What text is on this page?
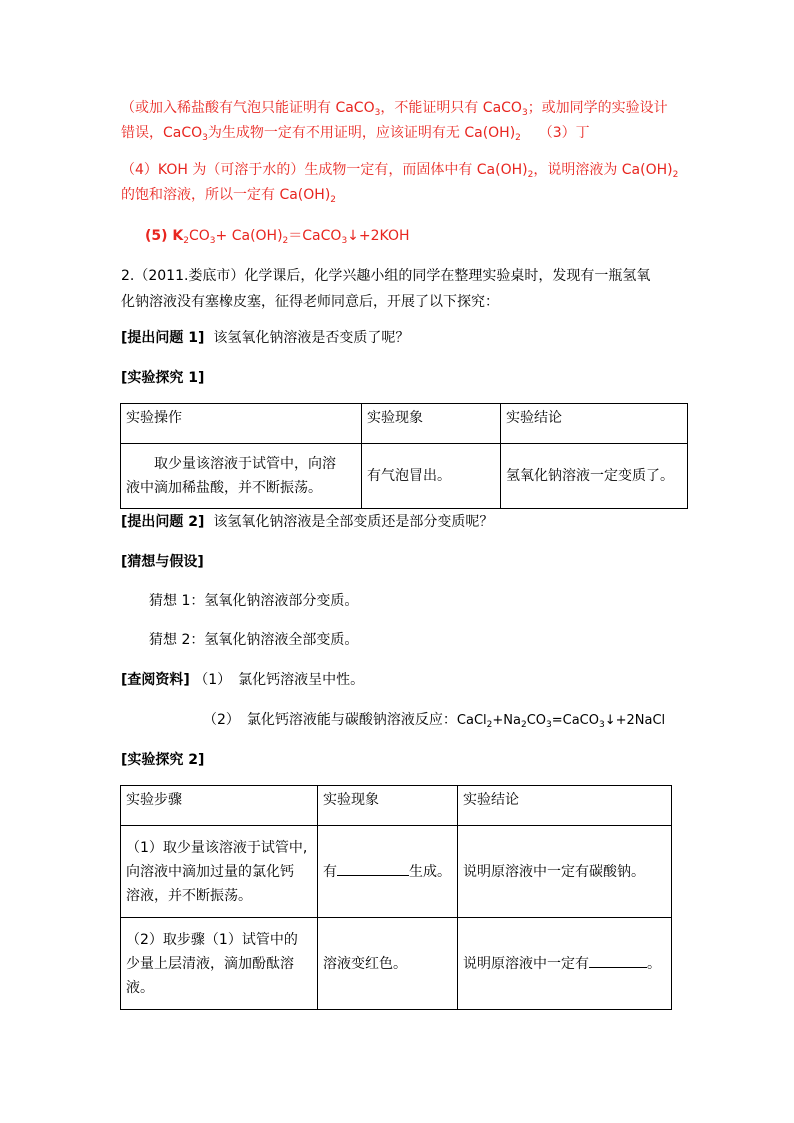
（或加入稀盐酸有气泡只能证明有 CaCO$_3$，不能证明只有 CaCO$_3$；或加同学的实验设计
错误，CaCO$_3$为生成物一定有不用证明，应该证明有无 $Ca(OH)_2$ （3）丁
（4）KOH 为（可溶于水的）生成物一定有，而固体中有 $Ca(OH)_2$，说明溶液为 $Ca(OH)_2$
的饱和溶液，所以一定有 $Ca(OH)_2$
(5) $K_2CO_3+$ $Ca(OH)_2=CaCO_3↓+2KOH$
2.（2011.娄底市）化学课后，化学兴趣小组的同学在整理实验桌时，发现有一瓶氢氧
化钠溶液没有塞橡皮塞，征得老师同意后，开展了以下探究：
[提出问题 1] 该氢氧化钠溶液是否变质了呢？
[实验探究 1]
实验操作	实验现象	实验结论

　　取少量该溶液于试管中，向溶
液中滴加稀盐酸，并不断振荡。	有气泡冒出。	氢氧化钠溶液一定变质了。
[提出问题 2] 该氢氧化钠溶液是全部变质还是部分变质呢？
[猜想与假设]
猜想 1：氢氧化钠溶液部分变质。
猜想 2：氢氧化钠溶液全部变质。
[查阅资料] （1）　氯化钙溶液呈中性。
（2）　氯化钙溶液能与碳酸钠溶液反应：$CaCl_2+Na_2CO_3=CaCO_3↓+2NaCl$
[实验探究 2]
实验步骤	实验现象	实验结论

（1）取少量该溶液于试管中,
向溶液中滴加过量的氯化钙
溶液，并不断振荡。	有 生成。	说明原溶液中一定有碳酸钠。

（2）取步骤（1）试管中的
少量上层清液，滴加酚酞溶
液。	溶液变红色。	说明原溶液中一定有 。
